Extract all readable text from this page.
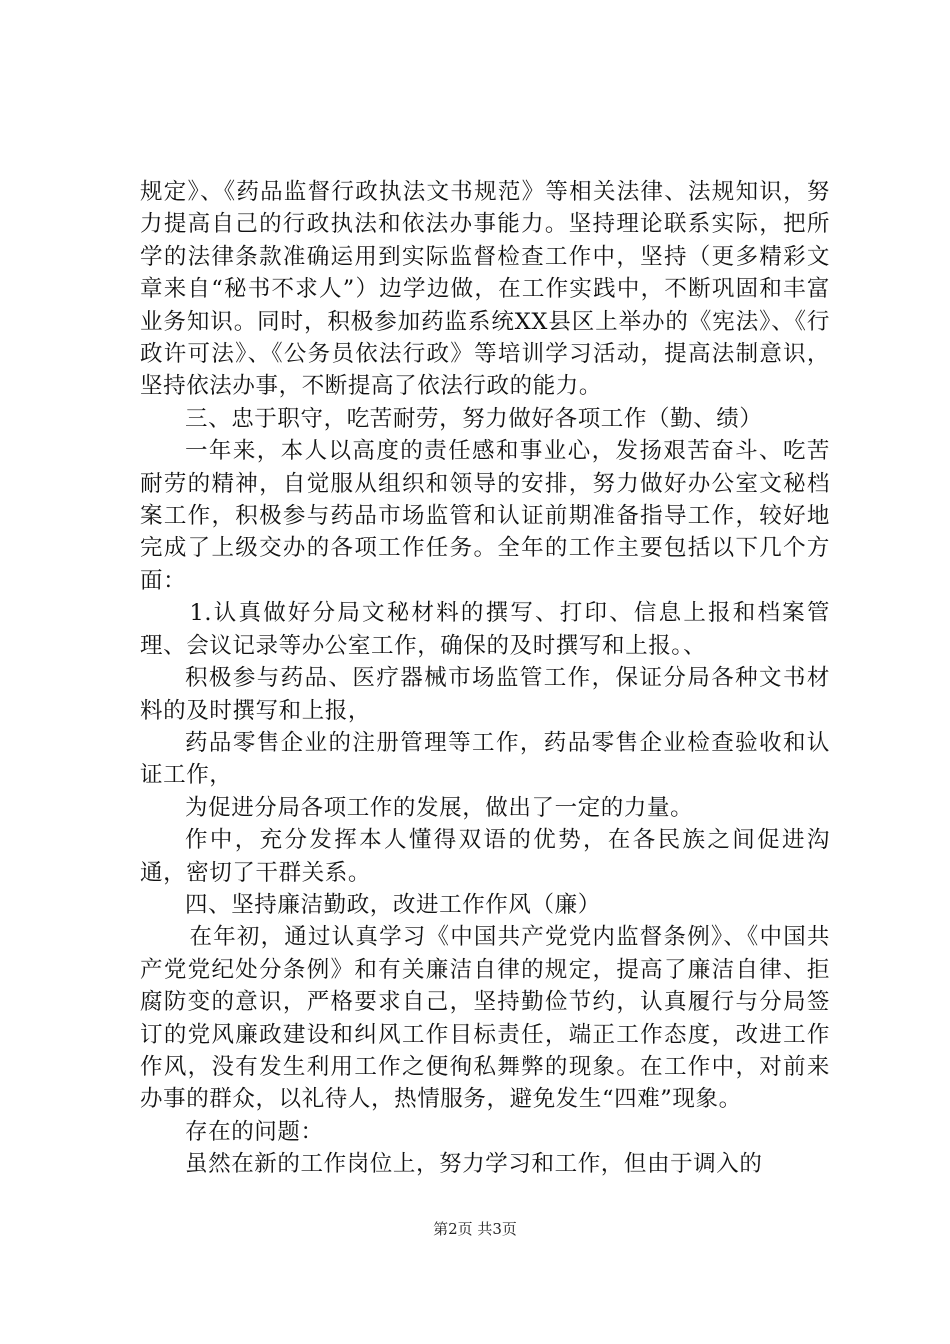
规定》、《药品监督行政执法文书规范》等相关法律、法规知识，努力提高自己的行政执法和依法办事能力。坚持理论联系实际，把所学的法律条款准确运用到实际监督检查工作中，坚持（更多精彩文章来自“秘书不求人”）边学边做，在工作实践中，不断巩固和丰富业务知识。同时，积极参加药监系统XX县区上举办的《宪法》、《行政许可法》、《公务员依法行政》等培训学习活动，提高法制意识，坚持依法办事，不断提高了依法行政的能力。

三、忠于职守，吃苦耐劳，努力做好各项工作（勤、绩）

一年来，本人以高度的责任感和事业心，发扬艰苦奋斗、吃苦耐劳的精神，自觉服从组织和领导的安排，努力做好办公室文秘档案工作，积极参与药品市场监管和认证前期准备指导工作，较好地完成了上级交办的各项工作任务。全年的工作主要包括以下几个方面：

1.认真做好分局文秘材料的撰写、打印、信息上报和档案管理、会议记录等办公室工作，确保的及时撰写和上报。、

积极参与药品、医疗器械市场监管工作，保证分局各种文书材料的及时撰写和上报，

药品零售企业的注册管理等工作，药品零售企业检查验收和认证工作，

为促进分局各项工作的发展，做出了一定的力量。

作中，充分发挥本人懂得双语的优势，在各民族之间促进沟通，密切了干群关系。

四、坚持廉洁勤政，改进工作作风（廉）

在年初，通过认真学习《中国共产党党内监督条例》、《中国共产党党纪处分条例》和有关廉洁自律的规定，提高了廉洁自律、拒腐防变的意识，严格要求自己，坚持勤俭节约，认真履行与分局签订的党风廉政建设和纠风工作目标责任，端正工作态度，改进工作作风，没有发生利用工作之便徇私舞弊的现象。在工作中，对前来办事的群众，以礼待人，热情服务，避免发生“四难”现象。

存在的问题：

虽然在新的工作岗位上，努力学习和工作，但由于调入的

第2页 共3页
